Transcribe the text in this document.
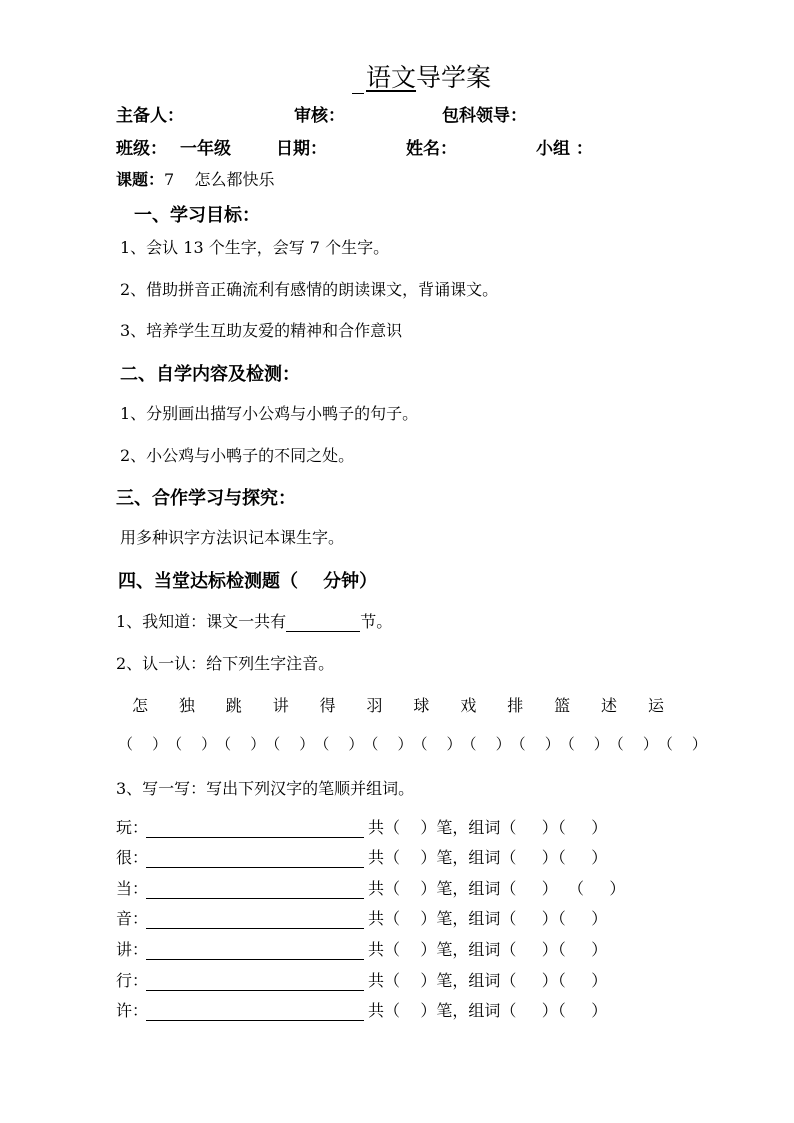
语文导学案
主备人：	审核：	包科领导：
班级： 一年级	日期：	姓名：	小组 ：
课题：7    怎么都快乐
一、学习目标：
1、会认 13 个生字，会写 7 个生字。
2、借助拼音正确流利有感情的朗读课文，背诵课文。
3、培养学生互助友爱的精神和合作意识
二、自学内容及检测：
1、分别画出描写小公鸡与小鸭子的句子。
2、小公鸡与小鸭子的不同之处。
三、合作学习与探究：
用多种识字方法识记本课生字。
四、当堂达标检测题（    分钟）
1、我知道：课文一共有	节。
2、认一认：给下列生字注音。
怎	独	跳	讲	得	羽	球	戏	排	篮	述	运
（    ） （    ） （    ） （    ） （    ） （    ） （    ） （    ） （    ） （    ） （    ） （    ）
3、写一写：写出下列汉字的笔顺并组词。
玩：	共（    ）笔，组词（     ）（     ）
很：	共（    ）笔，组词（     ）（     ）
当：	共（    ）笔，组词（     ）  （     ）
音：	共（    ）笔，组词（     ）（     ）
讲：	共（    ）笔，组词（     ）（     ）
行：	共（    ）笔，组词（     ）（     ）
许：	共（    ）笔，组词（     ）（     ）
